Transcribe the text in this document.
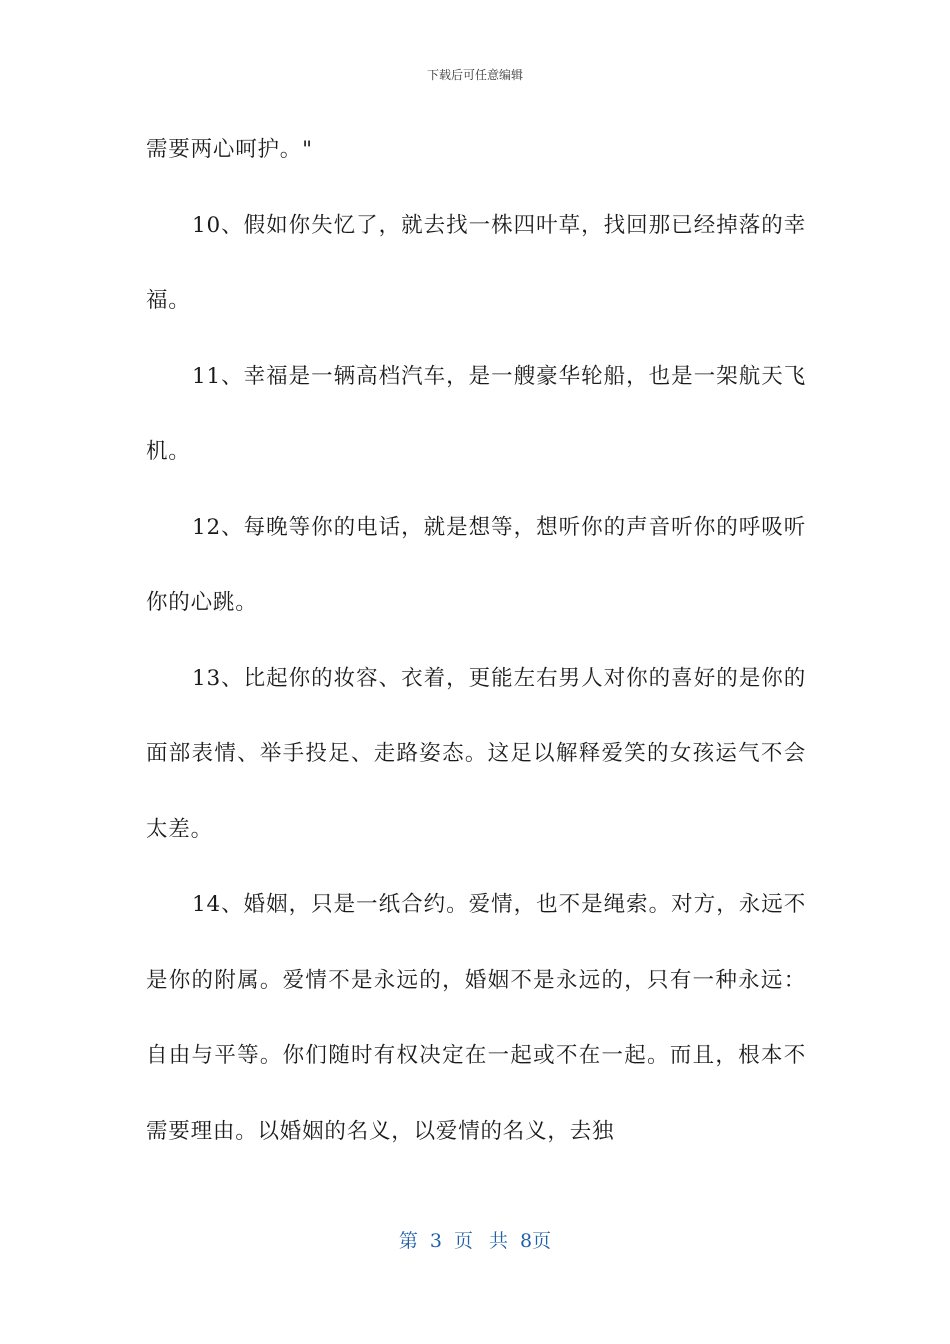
下载后可任意编辑

需要两心呵护。"

10、假如你失忆了，就去找一株四叶草，找回那已经掉落的幸福。

11、幸福是一辆高档汽车，是一艘豪华轮船，也是一架航天飞机。

12、每晚等你的电话，就是想等，想听你的声音听你的呼吸听你的心跳。

13、比起你的妆容、衣着，更能左右男人对你的喜好的是你的面部表情、举手投足、走路姿态。这足以解释爱笑的女孩运气不会太差。

14、婚姻，只是一纸合约。爱情，也不是绳索。对方，永远不是你的附属。爱情不是永远的，婚姻不是永远的，只有一种永远：自由与平等。你们随时有权决定在一起或不在一起。而且，根本不需要理由。以婚姻的名义，以爱情的名义，去独

第 3 页 共 8页
